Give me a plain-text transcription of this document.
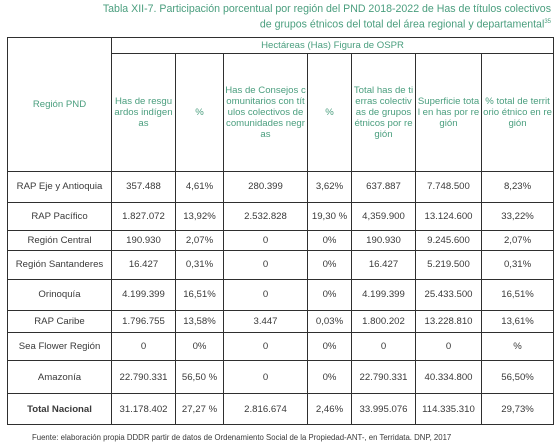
Tabla XII-7. Participación porcentual por región del PND 2018-2022 de Has de títulos colectivos
de grupos étnicos del total del área regional y departamental$^{35}$
Región PND	Hectáreas (Has) Figura de OSPR						
	Has de resguardos indígenas	%	Has de Consejos comunitarios con títulos colectivos de comunidades negras	%	Total has de tierras colectivas de grupos étnicos por región	Superficie total en has por región	% total de territorio étnico en región
RAP Eje y Antioquia	357.488	4,61%	280.399	3,62%	637.887	7.748.500	8,23%
RAP Pacífico	1.827.072	13,92%	2.532.828	19,30 %	4,359.900	13.124.600	33,22%
Región Central	190.930	2,07%	0	0%	190.930	9.245.600	2,07%
Región Santanderes	16.427	0,31%	0	0%	16.427	5.219.500	0,31%
Orinoquía	4.199.399	16,51%	0	0%	4.199.399	25.433.500	16,51%
RAP Caribe	1.796.755	13,58%	3.447	0,03%	1.800.202	13.228.810	13,61%
Sea Flower Región	0	0%	0	0%	0	0	%
Amazonía	22.790.331	56,50 %	0	0%	22.790.331	40.334.800	56,50%
Total Nacional	31.178.402	27,27 %	2.816.674	2,46%	33.995.076	114.335.310	29,73%
Fuente: elaboración propia DDDR partir de datos de Ordenamiento Social de la Propiedad-ANT-, en Terridata. DNP, 2017
